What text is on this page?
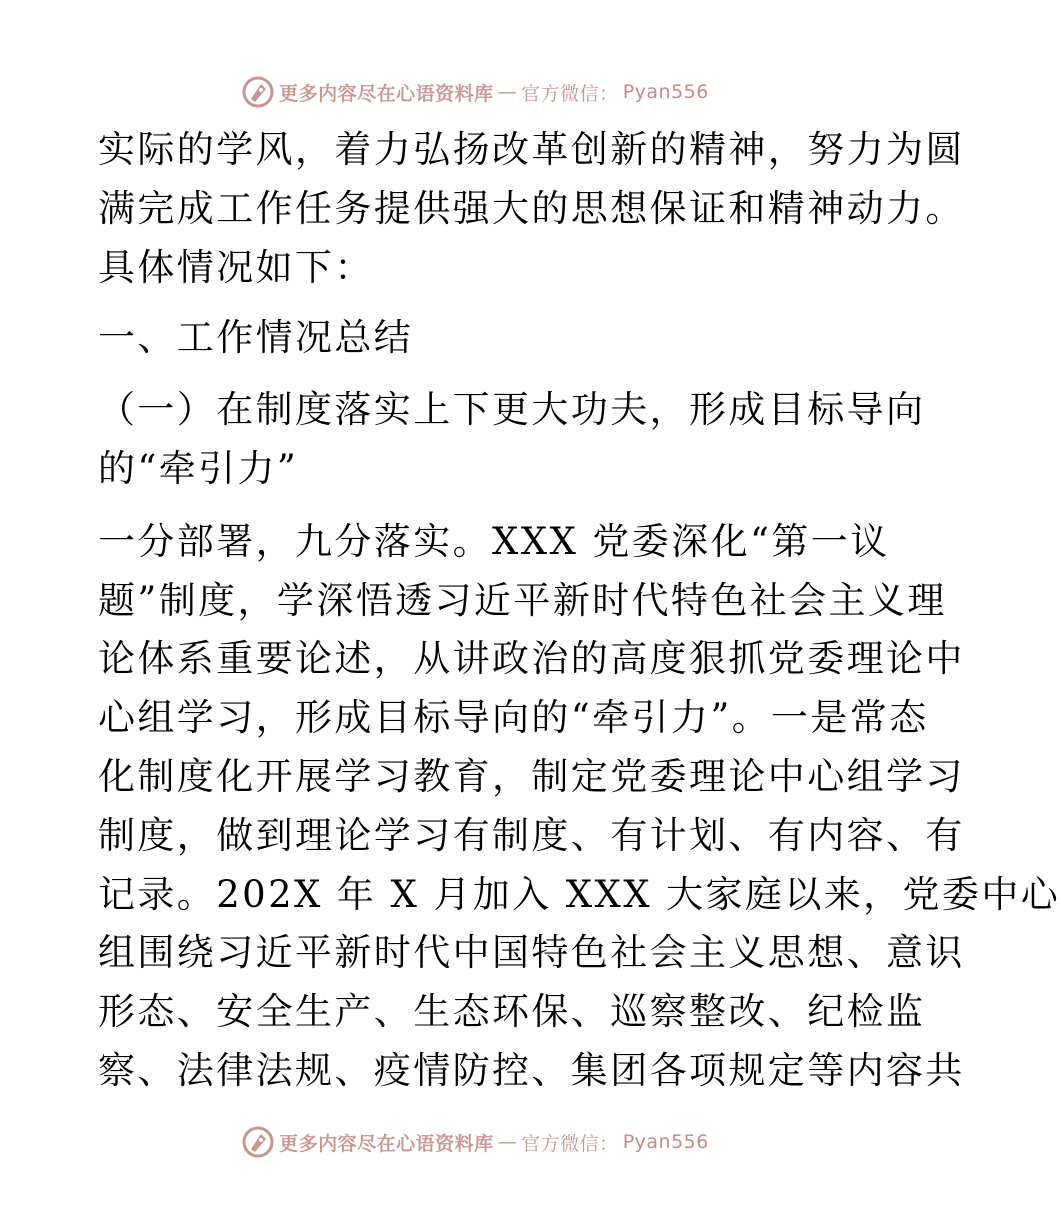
更多内容尽在心语资料库 — 官方微信： Pyan556
实际的学风，着力弘扬改革创新的精神，努力为圆
满完成工作任务提供强大的思想保证和精神动力。
具体情况如下：
一、工作情况总结
（一）在制度落实上下更大功夫，形成目标导向
的“牵引力”
一分部署，九分落实。XXX 党委深化“第一议
题”制度，学深悟透习近平新时代特色社会主义理
论体系重要论述，从讲政治的高度狠抓党委理论中
心组学习，形成目标导向的“牵引力”。一是常态
化制度化开展学习教育，制定党委理论中心组学习
制度，做到理论学习有制度、有计划、有内容、有
记录。202X 年 X 月加入 XXX 大家庭以来，党委中心
组围绕习近平新时代中国特色社会主义思想、意识
形态、安全生产、生态环保、巡察整改、纪检监
察、法律法规、疫情防控、集团各项规定等内容共
更多内容尽在心语资料库 — 官方微信： Pyan556
